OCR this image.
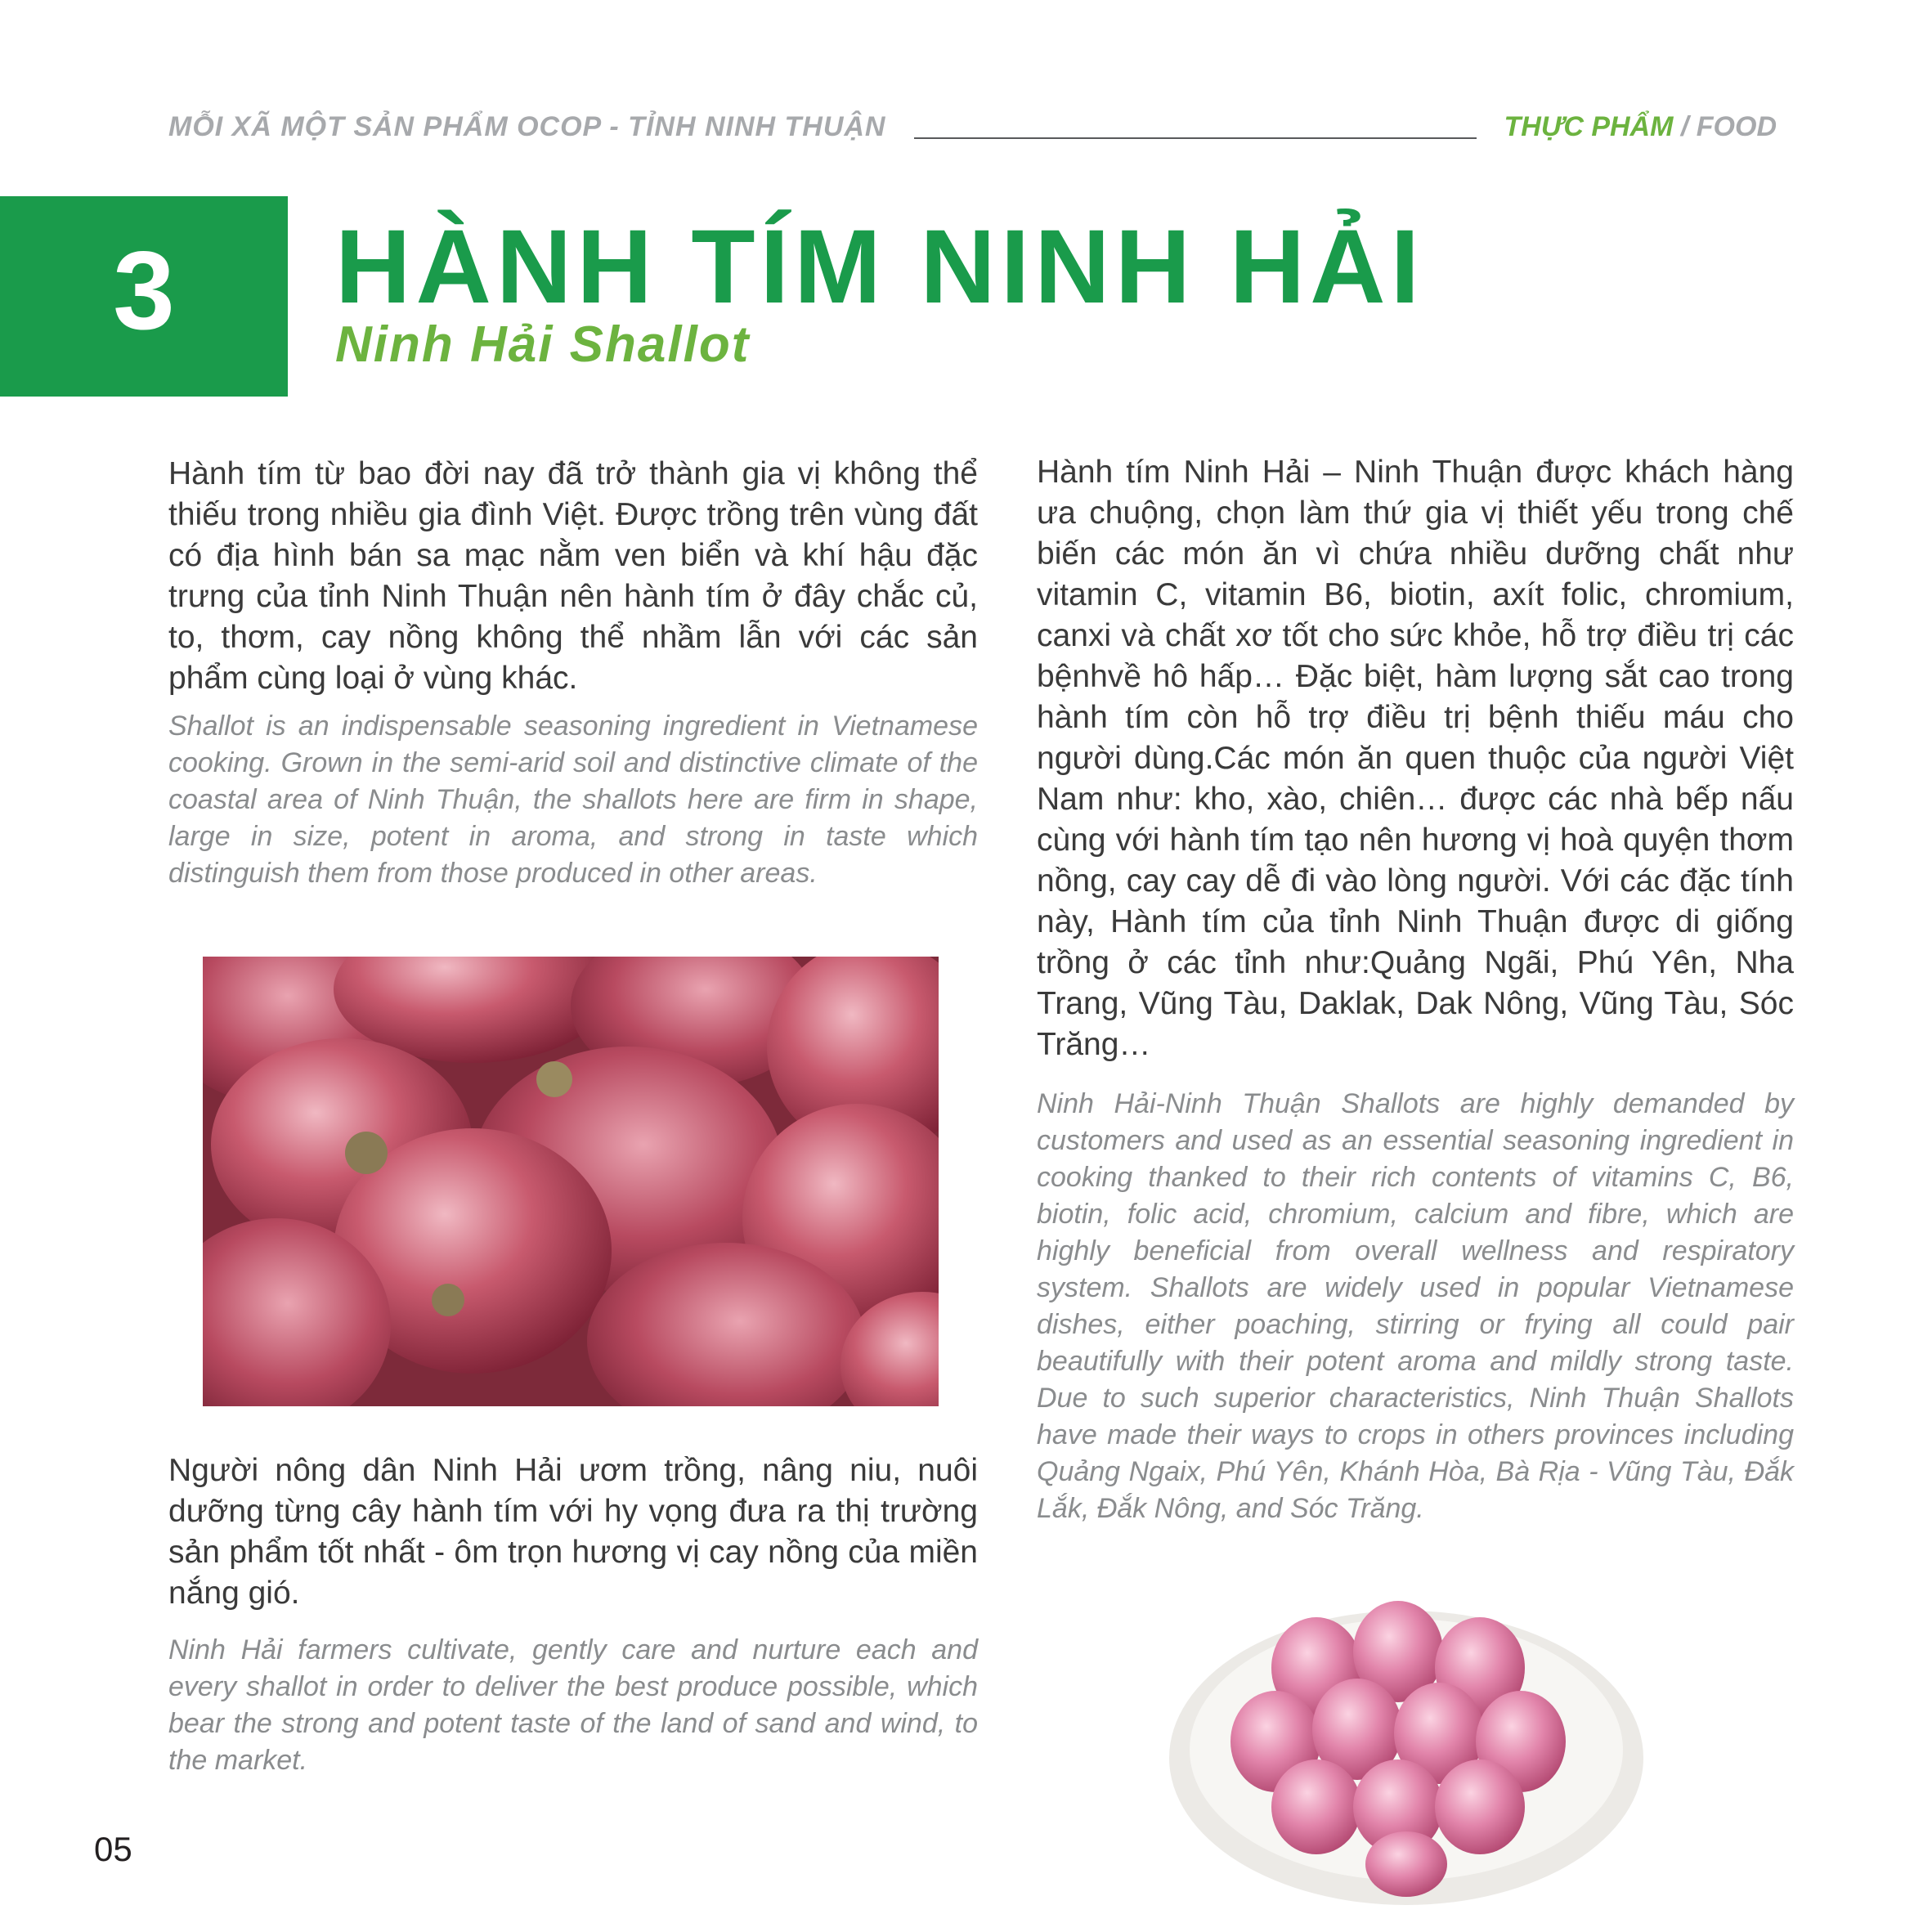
MỖI XÃ MỘT SẢN PHẨM OCOP - TỈNH NINH THUẬN	THỰC PHẨM / FOOD
3	HÀNH TÍM NINH HẢI
Ninh Hải Shallot

Hành tím từ bao đời nay đã trở thành gia vị không thể thiếu trong nhiều gia đình Việt. Được trồng trên vùng đất có địa hình bán sa mạc nằm ven biển và khí hậu đặc trưng của tỉnh Ninh Thuận nên hành tím ở đây chắc củ, to, thơm, cay nồng không thể nhầm lẫn với các sản phẩm cùng loại ở vùng khác.

Shallot is an indispensable seasoning ingredient in Vietnamese cooking. Grown in the semi-arid soil and distinctive climate of the coastal area of Ninh Thuận, the shallots here are firm in shape, large in size, potent in aroma, and strong in taste which distinguish them from those produced in other areas.

Người nông dân Ninh Hải ươm trồng, nâng niu, nuôi dưỡng từng cây hành tím với hy vọng đưa ra thị trường sản phẩm tốt nhất - ôm trọn hương vị cay nồng của miền nắng gió.

Ninh Hải farmers cultivate, gently care and nurture each and every shallot in order to deliver the best produce possible, which bear the strong and potent taste of the land of sand and wind, to the market.

Hành tím Ninh Hải – Ninh Thuận được khách hàng ưa chuộng, chọn làm thứ gia vị thiết yếu trong chế biến các món ăn vì chứa nhiều dưỡng chất như vitamin C, vitamin B6, biotin, axít folic, chromium, canxi và chất xơ tốt cho sức khỏe, hỗ trợ điều trị các bệnhvề hô hấp… Đặc biệt, hàm lượng sắt cao trong hành tím còn hỗ trợ điều trị bệnh thiếu máu cho người dùng.Các món ăn quen thuộc của người Việt Nam như: kho, xào, chiên… được các nhà bếp nấu cùng với hành tím tạo nên hương vị hoà quyện thơm nồng, cay cay dễ đi vào lòng người. Với các đặc tính này, Hành tím của tỉnh Ninh Thuận được di giống trồng ở các tỉnh như:Quảng Ngãi, Phú Yên, Nha Trang, Vũng Tàu, Daklak, Dak Nông, Vũng Tàu, Sóc Trăng…

Ninh Hải-Ninh Thuận Shallots are highly demanded by customers and used as an essential seasoning ingredient in cooking thanked to their rich contents of vitamins C, B6, biotin, folic acid, chromium, calcium and fibre, which are highly beneficial from overall wellness and respiratory system. Shallots are widely used in popular Vietnamese dishes, either poaching, stirring or frying all could pair beautifully with their potent aroma and mildly strong taste. Due to such superior characteristics, Ninh Thuận Shallots have made their ways to crops in others provinces including Quảng Ngaix, Phú Yên, Khánh Hòa, Bà Rịa - Vũng Tàu, Đắk Lắk, Đắk Nông, and Sóc Trăng.

05
